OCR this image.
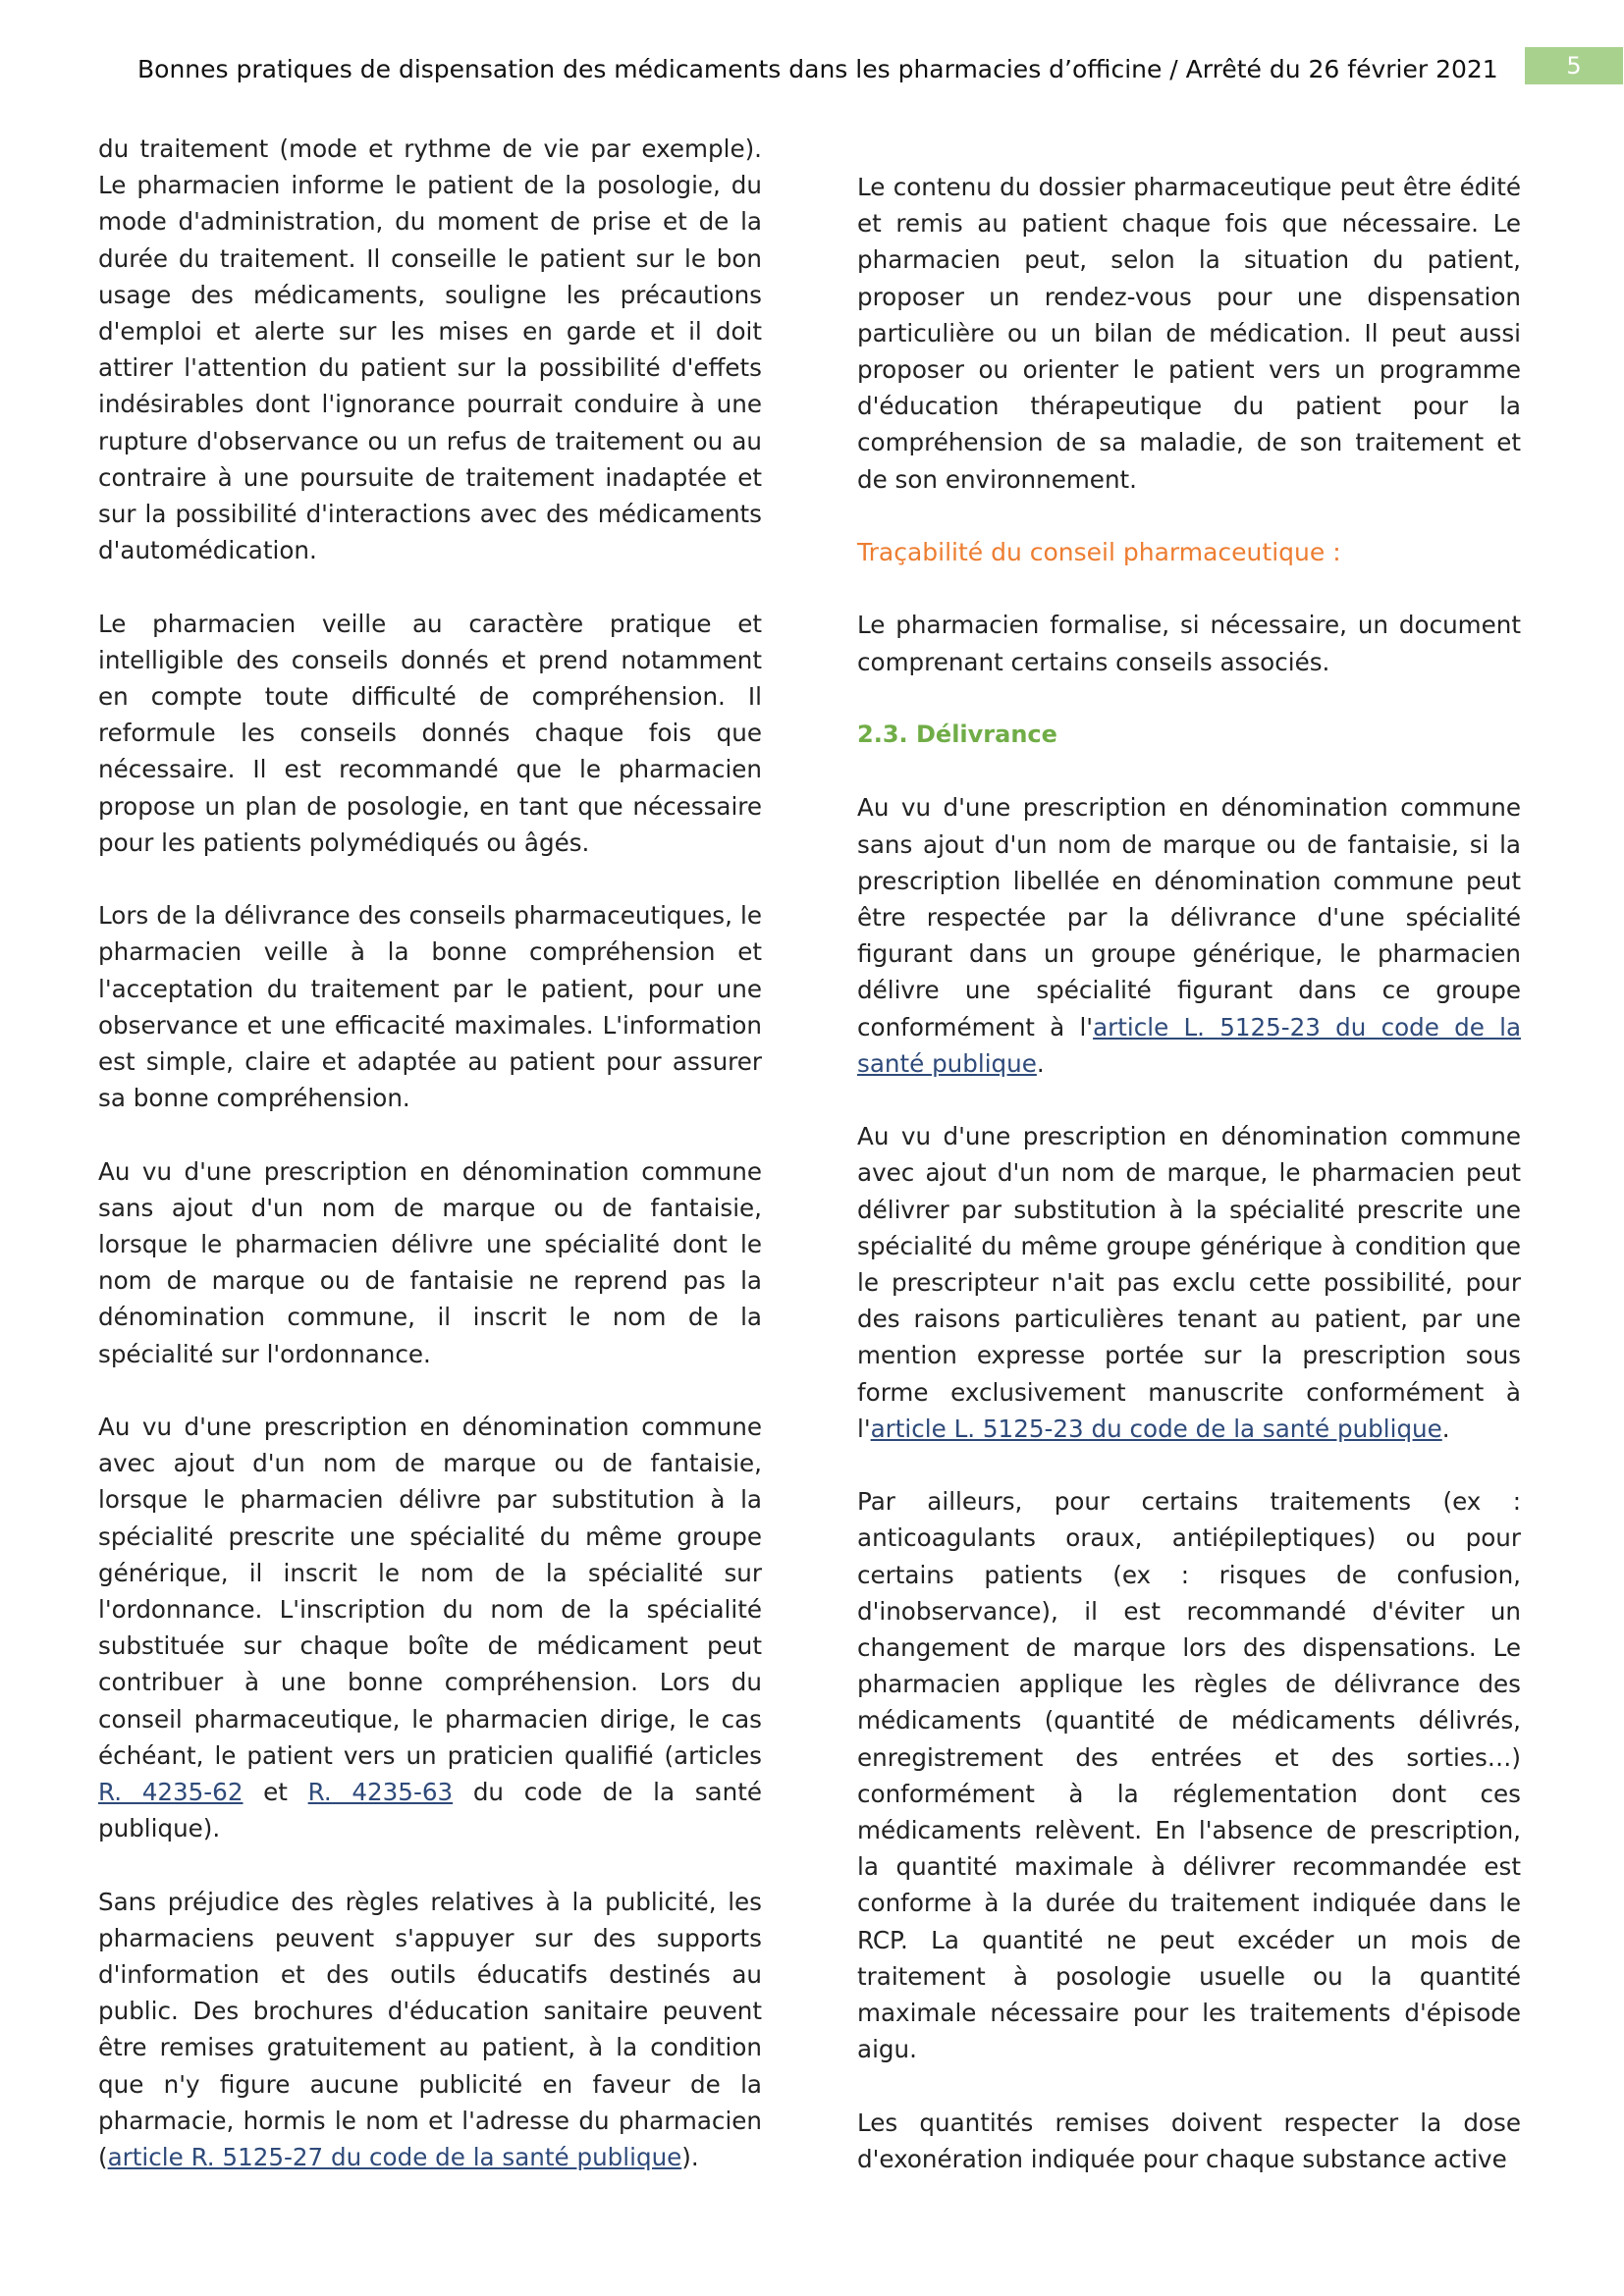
Bonnes pratiques de dispensation des médicaments dans les pharmacies d’officine / Arrêté du 26 février 2021	5

du traitement (mode et rythme de vie par exemple). Le pharmacien informe le patient de la posologie, du mode d'administration, du moment de prise et de la durée du traitement. Il conseille le patient sur le bon usage des médicaments, souligne les précautions d'emploi et alerte sur les mises en garde et il doit attirer l'attention du patient sur la possibilité d'effets indésirables dont l'ignorance pourrait conduire à une rupture d'observance ou un refus de traitement ou au contraire à une poursuite de traitement inadaptée et sur la possibilité d'interactions avec des médicaments d'automédication.

Le pharmacien veille au caractère pratique et intelligible des conseils donnés et prend notamment en compte toute difficulté de compréhension. Il reformule les conseils donnés chaque fois que nécessaire. Il est recommandé que le pharmacien propose un plan de posologie, en tant que nécessaire pour les patients polymédiqués ou âgés.

Lors de la délivrance des conseils pharmaceutiques, le pharmacien veille à la bonne compréhension et l'acceptation du traitement par le patient, pour une observance et une efficacité maximales. L'information est simple, claire et adaptée au patient pour assurer sa bonne compréhension.

Au vu d'une prescription en dénomination commune sans ajout d'un nom de marque ou de fantaisie, lorsque le pharmacien délivre une spécialité dont le nom de marque ou de fantaisie ne reprend pas la dénomination commune, il inscrit le nom de la spécialité sur l'ordonnance.

Au vu d'une prescription en dénomination commune avec ajout d'un nom de marque ou de fantaisie, lorsque le pharmacien délivre par substitution à la spécialité prescrite une spécialité du même groupe générique, il inscrit le nom de la spécialité sur l'ordonnance. L'inscription du nom de la spécialité substituée sur chaque boîte de médicament peut contribuer à une bonne compréhension. Lors du conseil pharmaceutique, le pharmacien dirige, le cas échéant, le patient vers un praticien qualifié (articles R. 4235-62 et R. 4235-63 du code de la santé publique).

Sans préjudice des règles relatives à la publicité, les pharmaciens peuvent s'appuyer sur des supports d'information et des outils éducatifs destinés au public. Des brochures d'éducation sanitaire peuvent être remises gratuitement au patient, à la condition que n'y figure aucune publicité en faveur de la pharmacie, hormis le nom et l'adresse du pharmacien (article R. 5125-27 du code de la santé publique).

Le contenu du dossier pharmaceutique peut être édité et remis au patient chaque fois que nécessaire. Le pharmacien peut, selon la situation du patient, proposer un rendez-vous pour une dispensation particulière ou un bilan de médication. Il peut aussi proposer ou orienter le patient vers un programme d'éducation thérapeutique du patient pour la compréhension de sa maladie, de son traitement et de son environnement.

Traçabilité du conseil pharmaceutique :

Le pharmacien formalise, si nécessaire, un document comprenant certains conseils associés.

2.3. Délivrance

Au vu d'une prescription en dénomination commune sans ajout d'un nom de marque ou de fantaisie, si la prescription libellée en dénomination commune peut être respectée par la délivrance d'une spécialité figurant dans un groupe générique, le pharmacien délivre une spécialité figurant dans ce groupe conformément à l'article L. 5125-23 du code de la santé publique.

Au vu d'une prescription en dénomination commune avec ajout d'un nom de marque, le pharmacien peut délivrer par substitution à la spécialité prescrite une spécialité du même groupe générique à condition que le prescripteur n'ait pas exclu cette possibilité, pour des raisons particulières tenant au patient, par une mention expresse portée sur la prescription sous forme exclusivement manuscrite conformément à l'article L. 5125-23 du code de la santé publique.

Par ailleurs, pour certains traitements (ex : anticoagulants oraux, antiépileptiques) ou pour certains patients (ex : risques de confusion, d'inobservance), il est recommandé d'éviter un changement de marque lors des dispensations. Le pharmacien applique les règles de délivrance des médicaments (quantité de médicaments délivrés, enregistrement des entrées et des sorties…) conformément à la réglementation dont ces médicaments relèvent. En l'absence de prescription, la quantité maximale à délivrer recommandée est conforme à la durée du traitement indiquée dans le RCP. La quantité ne peut excéder un mois de traitement à posologie usuelle ou la quantité maximale nécessaire pour les traitements d'épisode aigu.

Les quantités remises doivent respecter la dose d'exonération indiquée pour chaque substance active
